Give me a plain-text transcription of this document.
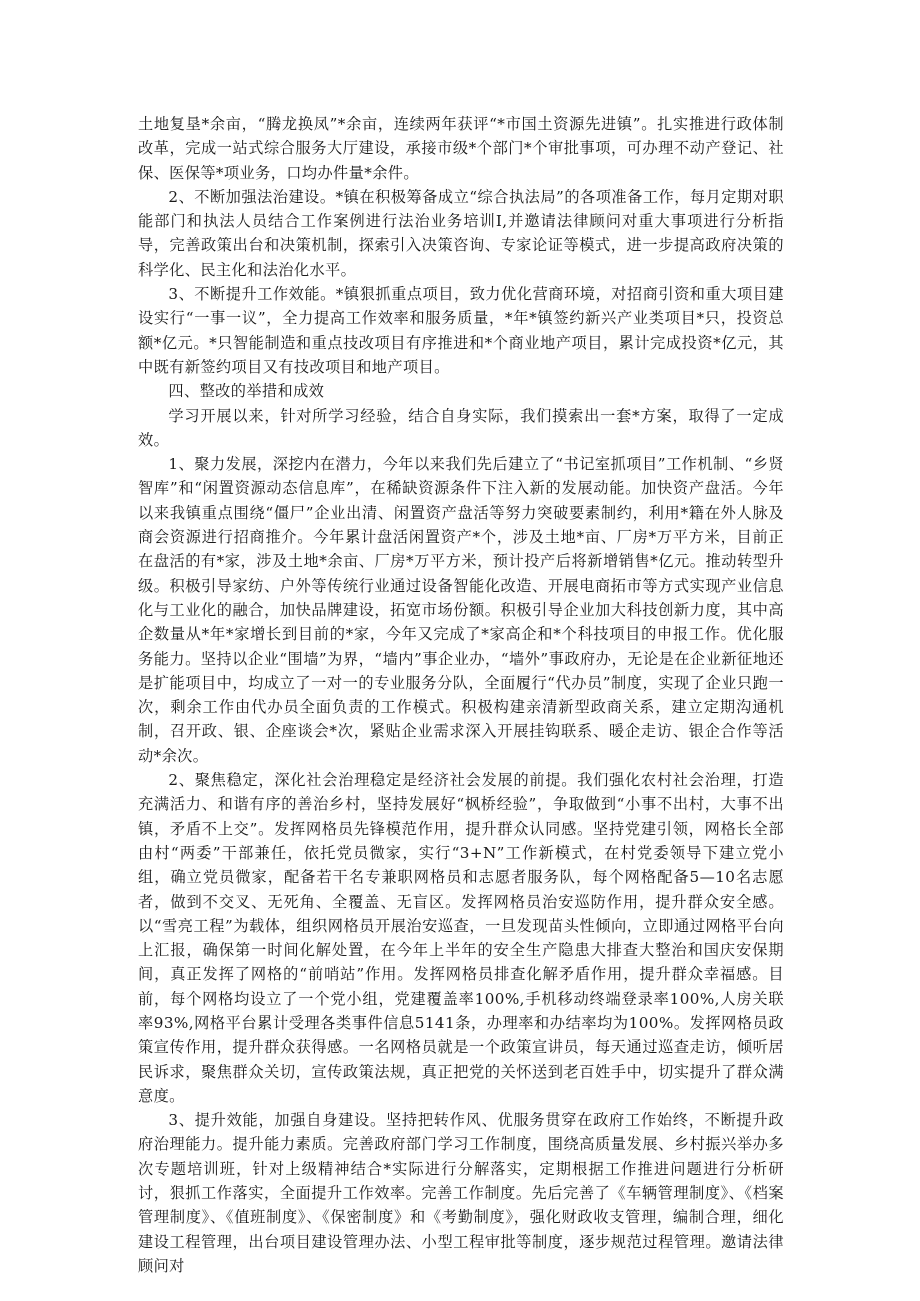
土地复垦*余亩，“腾龙换凤”*余亩，连续两年获评“*市国土资源先进镇”。扎实推进行政体制改革，完成一站式综合服务大厅建设，承接市级*个部门*个审批事项，可办理不动产登记、社保、医保等*项业务，口均办件量*余件。

2、不断加强法治建设。*镇在积极筹备成立“综合执法局”的各项准备工作，每月定期对职能部门和执法人员结合工作案例进行法治业务培训I,并邀请法律顾问对重大事项进行分析指导，完善政策出台和决策机制，探索引入决策咨询、专家论证等模式，进一步提高政府决策的科学化、民主化和法治化水平。

3、不断提升工作效能。*镇狠抓重点项目，致力优化营商环境，对招商引资和重大项目建设实行“一事一议”，全力提高工作效率和服务质量，*年*镇签约新兴产业类项目*只，投资总额*亿元。*只智能制造和重点技改项目有序推进和*个商业地产项目，累计完成投资*亿元，其中既有新签约项目又有技改项目和地产项目。

四、整改的举措和成效

学习开展以来，针对所学习经验，结合自身实际，我们摸索出一套*方案，取得了一定成效。

1、聚力发展，深挖内在潜力，今年以来我们先后建立了“书记室抓项目”工作机制、“乡贤智库”和“闲置资源动态信息库”，在稀缺资源条件下注入新的发展动能。加快资产盘活。今年以来我镇重点围绕“僵尸”企业出清、闲置资产盘活等努力突破要素制约，利用*籍在外人脉及商会资源进行招商推介。今年累计盘活闲置资产*个，涉及土地*亩、厂房*万平方米，目前正在盘活的有*家，涉及土地*余亩、厂房*万平方米，预计投产后将新增销售*亿元。推动转型升级。积极引导家纺、户外等传统行业通过设备智能化改造、开展电商拓市等方式实现产业信息化与工业化的融合，加快品牌建设，拓宽市场份额。积极引导企业加大科技创新力度，其中高企数量从*年*家增长到目前的*家，今年又完成了*家高企和*个科技项目的申报工作。优化服务能力。坚持以企业“围墙”为界，“墙内”事企业办，“墙外”事政府办，无论是在企业新征地还是扩能项目中，均成立了一对一的专业服务分队，全面履行“代办员”制度，实现了企业只跑一次，剩余工作由代办员全面负责的工作模式。积极构建亲清新型政商关系，建立定期沟通机制，召开政、银、企座谈会*次，紧贴企业需求深入开展挂钩联系、暖企走访、银企合作等活动*余次。

2、聚焦稳定，深化社会治理稳定是经济社会发展的前提。我们强化农村社会治理，打造充满活力、和谐有序的善治乡村，坚持发展好“枫桥经验”，争取做到“小事不出村，大事不出镇，矛盾不上交”。发挥网格员先锋模范作用，提升群众认同感。坚持党建引领，网格长全部由村“两委”干部兼任，依托党员微家，实行“3+N”工作新模式，在村党委领导下建立党小组，确立党员微家，配备若干名专兼职网格员和志愿者服务队，每个网格配备5—10名志愿者，做到不交叉、无死角、全覆盖、无盲区。发挥网格员治安巡防作用，提升群众安全感。以“雪亮工程”为载体，组织网格员开展治安巡查，一旦发现苗头性倾向，立即通过网格平台向上汇报，确保第一时间化解处置，在今年上半年的安全生产隐患大排查大整治和国庆安保期间，真正发挥了网格的“前哨站”作用。发挥网格员排查化解矛盾作用，提升群众幸福感。目前，每个网格均设立了一个党小组，党建覆盖率100%,手机移动终端登录率100%,人房关联率93%,网格平台累计受理各类事件信息5141条，办理率和办结率均为100%。发挥网格员政策宣传作用，提升群众获得感。一名网格员就是一个政策宣讲员，每天通过巡查走访，倾听居民诉求，聚焦群众关切，宣传政策法规，真正把党的关怀送到老百姓手中，切实提升了群众满意度。

3、提升效能，加强自身建设。坚持把转作风、优服务贯穿在政府工作始终，不断提升政府治理能力。提升能力素质。完善政府部门学习工作制度，围绕高质量发展、乡村振兴举办多次专题培训班，针对上级精神结合*实际进行分解落实，定期根据工作推进问题进行分析研讨，狠抓工作落实，全面提升工作效率。完善工作制度。先后完善了《车辆管理制度》、《档案管理制度》、《值班制度》、《保密制度》和《考勤制度》，强化财政收支管理，编制合理，细化建设工程管理，出台项目建设管理办法、小型工程审批等制度，逐步规范过程管理。邀请法律顾问对
